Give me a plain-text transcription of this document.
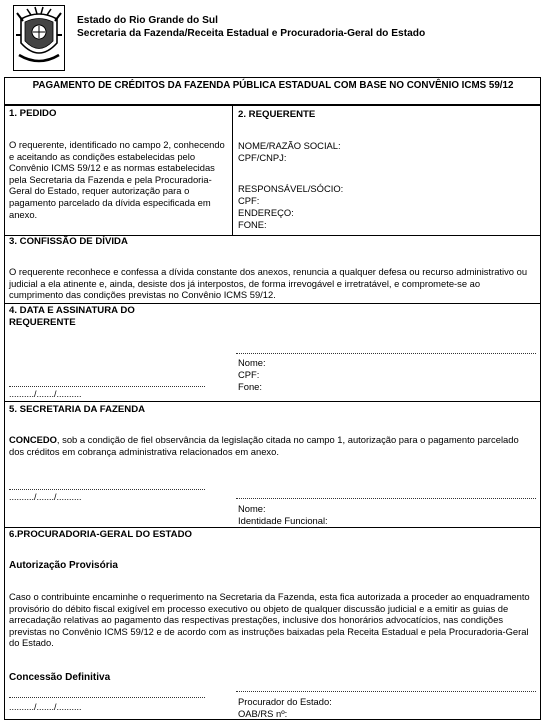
Estado do Rio Grande do Sul
Secretaria da Fazenda/Receita Estadual e Procuradoria-Geral do Estado
PAGAMENTO DE CRÉDITOS DA FAZENDA PÚBLICA ESTADUAL COM BASE NO CONVÊNIO ICMS 59/12
1. PEDIDO
O requerente, identificado no campo 2, conhecendo e aceitando as condições estabelecidas pelo Convênio ICMS 59/12 e as normas estabelecidas pela Secretaria da Fazenda e pela Procuradoria-Geral do Estado, requer autorização para o pagamento parcelado da dívida especificada em anexo.
2. REQUERENTE
NOME/RAZÃO SOCIAL:
CPF/CNPJ:
RESPONSÁVEL/SÓCIO:
CPF:
ENDEREÇO:
FONE:
3. CONFISSÃO DE DÍVIDA
O requerente reconhece e confessa a dívida constante dos anexos, renuncia a qualquer defesa ou recurso administrativo ou judicial a ela atinente e, ainda, desiste dos já interpostos, de forma irrevogável e irretratável, e compromete-se ao cumprimento das condições previstas no Convênio ICMS 59/12.
4. DATA E ASSINATURA DO REQUERENTE
Nome:
CPF:
Fone:
........../......./..........
5. SECRETARIA DA FAZENDA
CONCEDO, sob a condição de fiel observância da legislação citada no campo 1, autorização para o pagamento parcelado dos créditos em cobrança administrativa relacionados em anexo.
........../......./..........
Nome:
Identidade Funcional:
6.PROCURADORIA-GERAL DO ESTADO
Autorização Provisória
Caso o contribuinte encaminhe o requerimento na Secretaria da Fazenda, esta fica autorizada a proceder ao enquadramento provisório do débito fiscal exigível em processo executivo ou objeto de qualquer discussão judicial e a emitir as guias de arrecadação relativas ao pagamento das respectivas prestações, inclusive dos honorários advocatícios, nas condições previstas no Convênio ICMS 59/12 e de acordo com as instruções baixadas pela Receita Estadual e pela Procuradoria-Geral do Estado.
Concessão Definitiva
........../......./..........	Procurador do Estado:
OAB/RS nº:
